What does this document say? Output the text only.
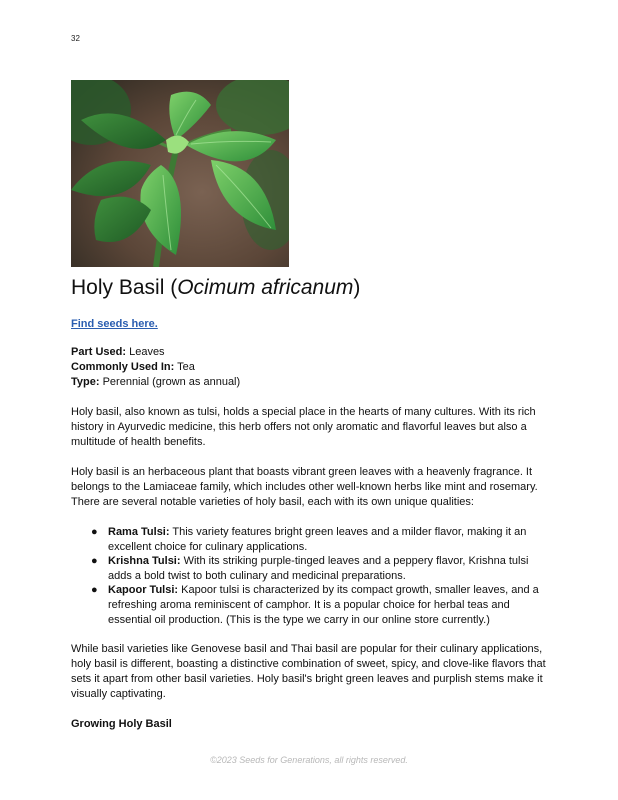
32
Holy Basil (Ocimum africanum)
Find seeds here.

Part Used: Leaves

Commonly Used In: Tea

Type: Perennial (grown as annual)

Holy basil, also known as tulsi, holds a special place in the hearts of many cultures. With its rich history in Ayurvedic medicine, this herb offers not only aromatic and flavorful leaves but also a multitude of health benefits.

Holy basil is an herbaceous plant that boasts vibrant green leaves with a heavenly fragrance. It belongs to the Lamiaceae family, which includes other well-known herbs like mint and rosemary. There are several notable varieties of holy basil, each with its own unique qualities:

● Rama Tulsi: This variety features bright green leaves and a milder flavor, making it an excellent choice for culinary applications.
● Krishna Tulsi: With its striking purple-tinged leaves and a peppery flavor, Krishna tulsi adds a bold twist to both culinary and medicinal preparations.
● Kapoor Tulsi: Kapoor tulsi is characterized by its compact growth, smaller leaves, and a refreshing aroma reminiscent of camphor. It is a popular choice for herbal teas and essential oil production. (This is the type we carry in our online store currently.)

While basil varieties like Genovese basil and Thai basil are popular for their culinary applications, holy basil is different, boasting a distinctive combination of sweet, spicy, and clove-like flavors that sets it apart from other basil varieties. Holy basil's bright green leaves and purplish stems make it visually captivating.

Growing Holy Basil

©2023 Seeds for Generations, all rights reserved.
